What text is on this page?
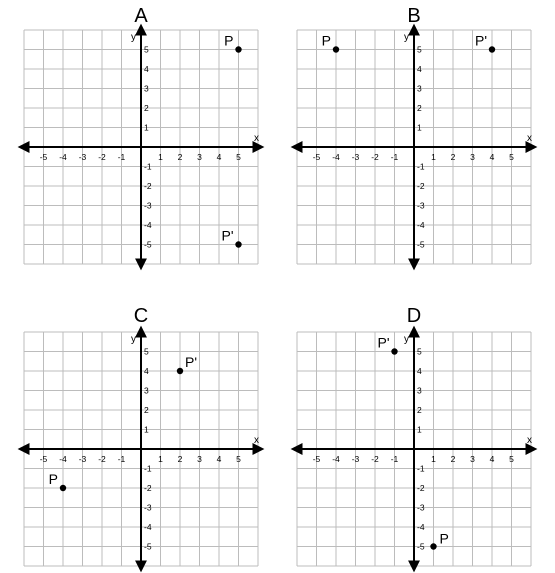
A
x
y
-5
-5
-4
-4
-3
-3
-2
-2
-1
-1
1
1
2
2
3
3
4
4
5
5
P
P'
B
x
y
-5
-5
-4
-4
-3
-3
-2
-2
-1
-1
1
1
2
2
3
3
4
4
5
5
P	P'
C
x
y
-5
-5
-4
-4
-3
-3
-2
-2
-1
-1
1
1
2
2
3
3
4
4
5
5
P
P'
D
x
y
-5
-5
-4
-4
-3
-3
-2
-2
-1
-1
1
1
2
2
3
3
4
4
5
5
P'
P
